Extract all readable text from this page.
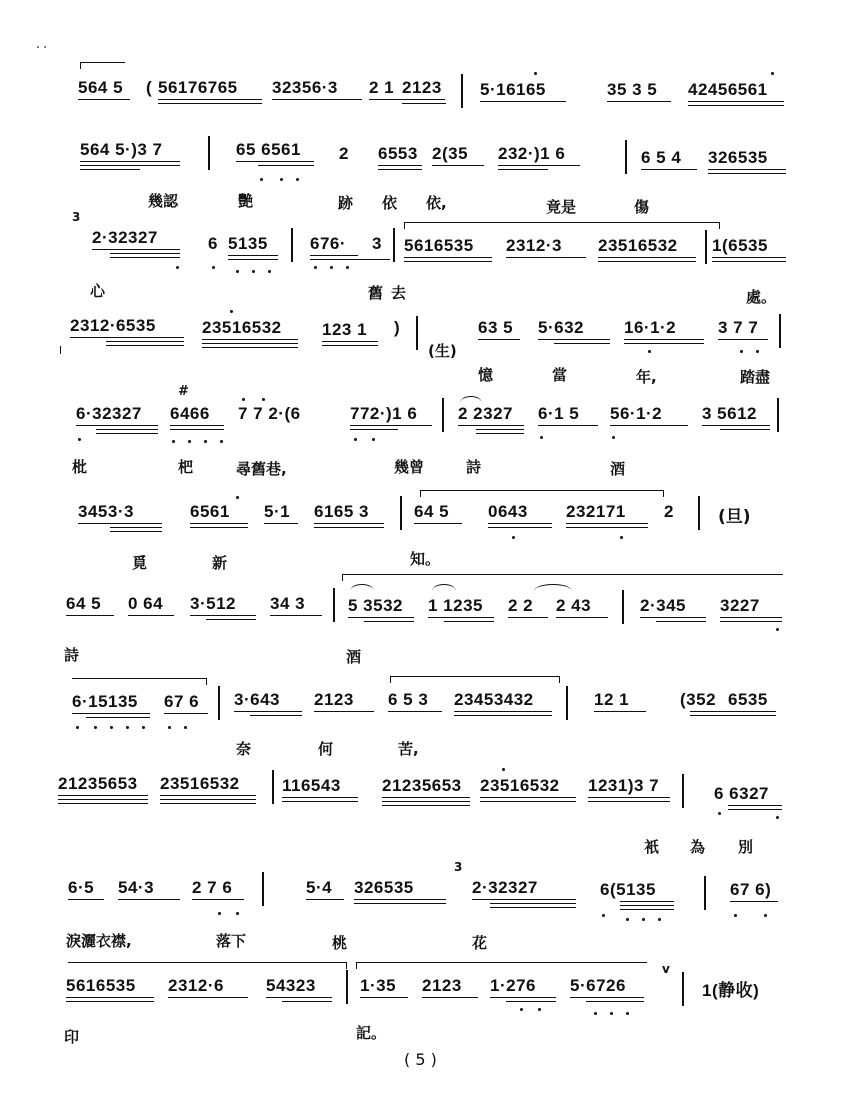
. .
564 5 ( 56176765 32356·3 2 1 2123 5·16165	35 3 5 42456561
564 5·)3 7	65 6561 2 6553 2(35 232·)1 6	6 5 4 326535
幾認	艷	跡 依 依,	竟是	傷
3
2·32327	6 5135 676· 3 5616535 2312·3 23516532 1(6535
心	舊去	處。
2312·6535	23516532 123 1 )
(生)
63 5 5·632 16·1·2 3 7 7
憶	當	年,	踏盡
6·32327
#
6466 7 7 2·(6	772·)1 6 2 2327 6·1 5 56·1·2 3 5612
枇	杷	尋舊巷,	幾曾	詩	酒
3453·3	6561 5·1 6165 3	64 5 0643 232171 2	(旦)
覓	新	知。
64 5 0 64 3·512 34 3	5 3532 1 1235 2 2 2 43	2·345 3227
詩	酒
6·15135 67 6 3·643 2123 6 5 3 23453432	12 1	(352 6535
奈	何	苦,
21235653 23516532 116543 21235653 23516532 1231)3 7	6 6327
衹 為 別
6·5 54·3 2 7 6	5·4 326535
3
2·32327	6(5135	67 6)
淚灑衣襟,	落下	桃	花
5616535 2312·6 54323	1·35 2123 1·276 5·6726
v
1(静收)
印	記。
( 5 )
